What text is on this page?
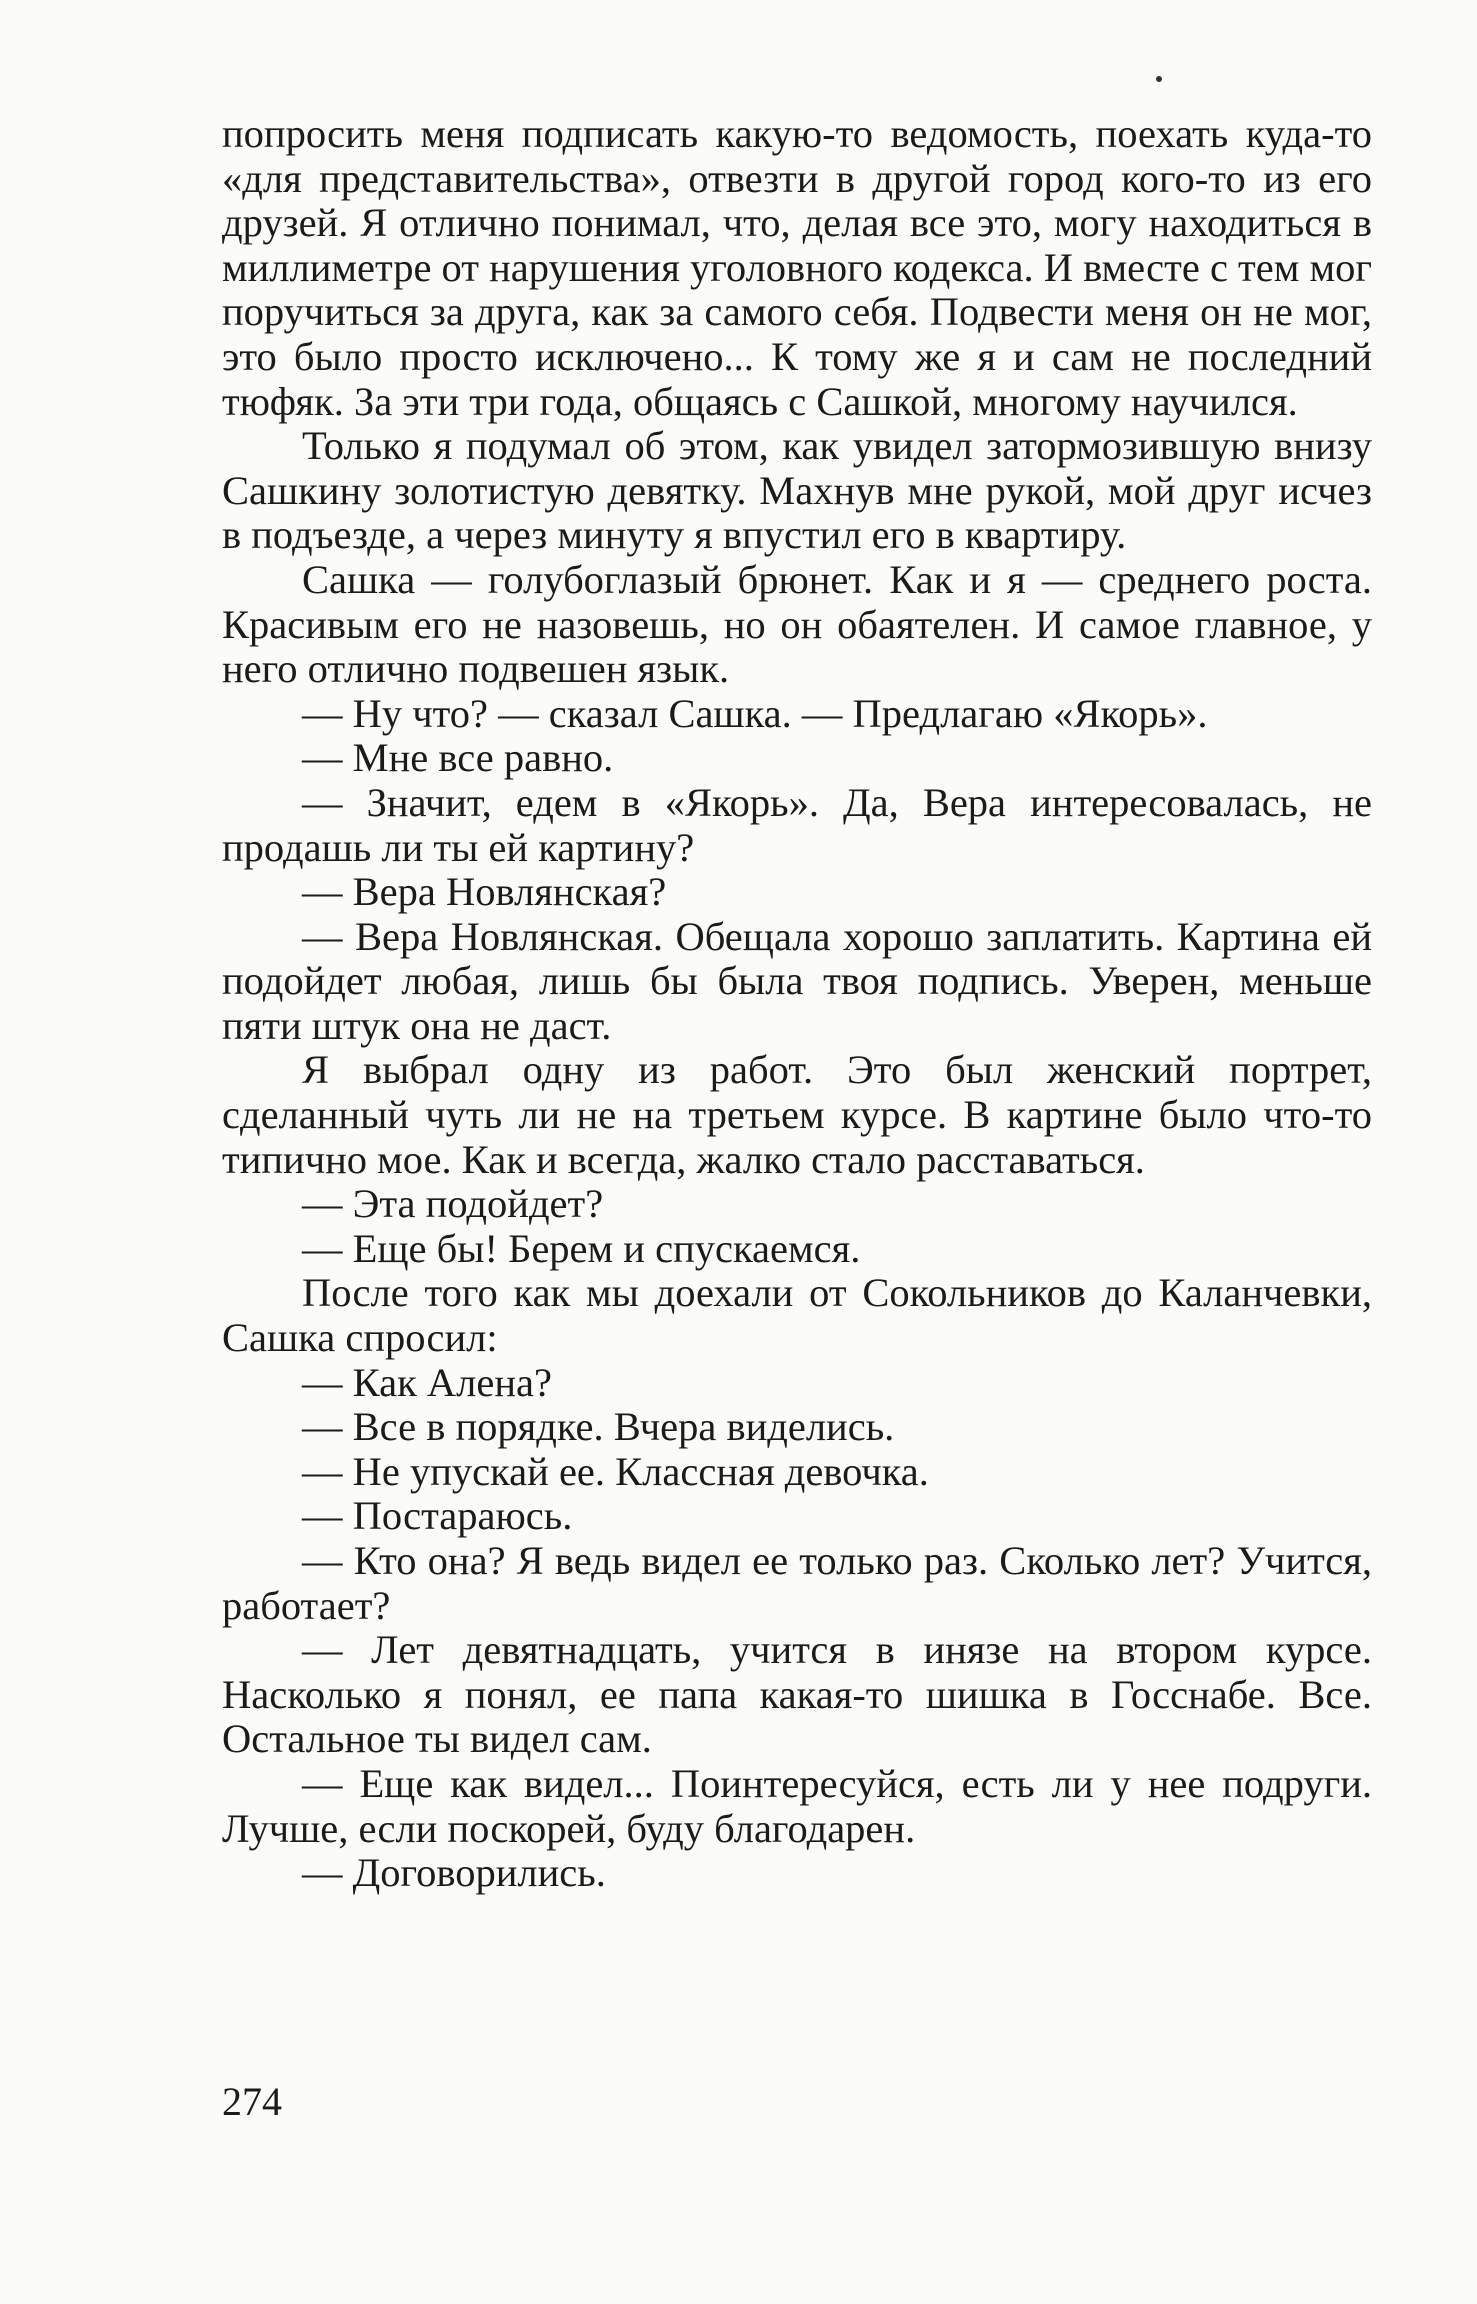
попросить меня подписать какую-то ведомость, поехать куда-то «для представительства», отвезти в другой город кого-то из его друзей. Я отлично понимал, что, делая все это, могу находиться в миллиметре от нарушения уголовного кодекса. И вместе с тем мог поручиться за друга, как за самого себя. Подвести меня он не мог, это было просто исключено... К тому же я и сам не последний тюфяк. За эти три года, общаясь с Сашкой, многому научился.

Только я подумал об этом, как увидел затормозившую внизу Сашкину золотистую девятку. Махнув мне рукой, мой друг исчез в подъезде, а через минуту я впустил его в квартиру.

Сашка — голубоглазый брюнет. Как и я — среднего роста. Красивым его не назовешь, но он обаятелен. И самое главное, у него отлично подвешен язык.

— Ну что? — сказал Сашка. — Предлагаю «Якорь».

— Мне все равно.

— Значит, едем в «Якорь». Да, Вера интересовалась, не продашь ли ты ей картину?

— Вера Новлянская?

— Вера Новлянская. Обещала хорошо заплатить. Картина ей подойдет любая, лишь бы была твоя подпись. Уверен, меньше пяти штук она не даст.

Я выбрал одну из работ. Это был женский портрет, сделанный чуть ли не на третьем курсе. В картине было что-то типично мое. Как и всегда, жалко стало расставаться.

— Эта подойдет?

— Еще бы! Берем и спускаемся.

После того как мы доехали от Сокольников до Каланчевки, Сашка спросил:

— Как Алена?

— Все в порядке. Вчера виделись.

— Не упускай ее. Классная девочка.

— Постараюсь.

— Кто она? Я ведь видел ее только раз. Сколько лет? Учится, работает?

— Лет девятнадцать, учится в инязе на втором курсе. Насколько я понял, ее папа какая-то шишка в Госснабе. Все. Остальное ты видел сам.

— Еще как видел... Поинтересуйся, есть ли у нее подруги. Лучше, если поскорей, буду благодарен.

— Договорились.

274
